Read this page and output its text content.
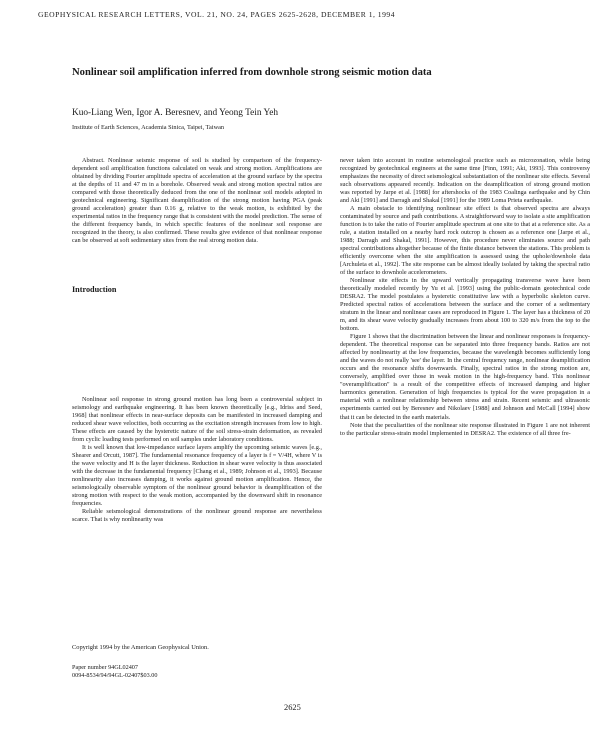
GEOPHYSICAL RESEARCH LETTERS, VOL. 21, NO. 24, PAGES 2625-2628, DECEMBER 1, 1994
Nonlinear soil amplification inferred from downhole strong seismic motion data
Kuo-Liang Wen, Igor A. Beresnev, and Yeong Tein Yeh
Institute of Earth Sciences, Academia Sinica, Taipei, Taiwan

Abstract. Nonlinear seismic response of soil is studied by comparison of the frequency-dependent soil amplification functions calculated on weak and strong motion. Amplifications are obtained by dividing Fourier amplitude spectra of acceleration at the ground surface by the spectra at the depths of 11 and 47 m in a borehole. Observed weak and strong motion spectral ratios are compared with those theoretically deduced from the one of the nonlinear soil models adopted in geotechnical engineering. Significant deamplification of the strong motion having PGA (peak ground acceleration) greater than 0.16 g, relative to the weak motion, is exhibited by the experimental ratios in the frequency range that is consistent with the model prediction. The sense of the different frequency bands, in which specific features of the nonlinear soil response are recognized in the theory, is also confirmed. These results give evidence of that nonlinear response can be observed at soft sedimentary sites from the real strong motion data.

Introduction

Nonlinear soil response in strong ground motion has long been a controversial subject in seismology and earthquake engineering. It has been known theoretically [e.g., Idriss and Seed, 1968] that nonlinear effects in near-surface deposits can be manifested in increased damping and reduced shear wave velocities, both occurring as the excitation strength increases from low to high. These effects are caused by the hysteretic nature of the soil stress-strain deformation, as revealed from cyclic loading tests performed on soil samples under laboratory conditions.

It is well known that low-impedance surface layers amplify the upcoming seismic waves [e.g., Shearer and Orcutt, 1987]. The fundamental resonance frequency of a layer is f = V/4H, where V is the wave velocity and H is the layer thickness. Reduction in shear wave velocity is thus associated with the decrease in the fundamental frequency [Chang et al., 1989; Johnson et al., 1993]. Because nonlinearity also increases damping, it works against ground motion amplification. Hence, the seismologically observable symptom of the nonlinear ground behavior is deamplification of the strong motion with respect to the weak motion, accompanied by the downward shift in resonance frequencies.

Reliable seismological demonstrations of the nonlinear ground response are nevertheless scarce. That is why nonlinearity was

never taken into account in routine seismological practice such as microzonation, while being recognized by geotechnical engineers at the same time [Finn, 1991; Aki, 1993]. This controversy emphasizes the necessity of direct seismological substantiation of the nonlinear site effects. Several such observations appeared recently. Indication on the deamplification of strong ground motion was reported by Jarpe et al. [1988] for aftershocks of the 1983 Coalinga earthquake and by Chin and Aki [1991] and Darragh and Shakal [1991] for the 1989 Loma Prieta earthquake.

A main obstacle to identifying nonlinear site effect is that observed spectra are always contaminated by source and path contributions. A straightforward way to isolate a site amplification function is to take the ratio of Fourier amplitude spectrum at one site to that at a reference site. As a rule, a station installed on a nearby hard rock outcrop is chosen as a reference one [Jarpe et al., 1988; Darragh and Shakal, 1991]. However, this procedure never eliminates source and path spectral contributions altogether because of the finite distance between the stations. This problem is efficiently overcome when the site amplification is assessed using the uphole/downhole data [Archuleta et al., 1992]. The site response can be almost ideally isolated by taking the spectral ratio of the surface to downhole accelerometers.

Nonlinear site effects in the upward vertically propagating transverse wave have been theoretically modeled recently by Yu et al. [1993] using the public-domain geotechnical code DESRA2. The model postulates a hysteretic constitutive law with a hyperbolic skeleton curve. Predicted spectral ratios of accelerations between the surface and the corner of a sedimentary stratum in the linear and nonlinear cases are reproduced in Figure 1. The layer has a thickness of 20 m, and its shear wave velocity gradually increases from about 100 to 320 m/s from the top to the bottom.

Figure 1 shows that the discrimination between the linear and nonlinear responses is frequency-dependent. The theoretical response can be separated into three frequency bands. Ratios are not affected by nonlinearity at the low frequencies, because the wavelength becomes sufficiently long and the waves do not really 'see' the layer. In the central frequency range, nonlinear deamplification occurs and the resonance shifts downwards. Finally, spectral ratios in the strong motion are, conversely, amplified over those in weak motion in the high-frequency band. This nonlinear "overamplification" is a result of the competitive effects of increased damping and higher harmonics generation. Generation of high frequencies is typical for the wave propagation in a material with a nonlinear relationship between stress and strain. Recent seismic and ultrasonic experiments carried out by Beresnev and Nikolaev [1988] and Johnson and McCall [1994] show that it can be detected in the earth materials.

Note that the peculiarities of the nonlinear site response illustrated in Figure 1 are not inherent to the particular stress-strain model implemented in DESRA2. The existence of all three fre-

Copyright 1994 by the American Geophysical Union.
Paper number 94GL02407
0094-8534/94/94GL-02407$03.00
2625
